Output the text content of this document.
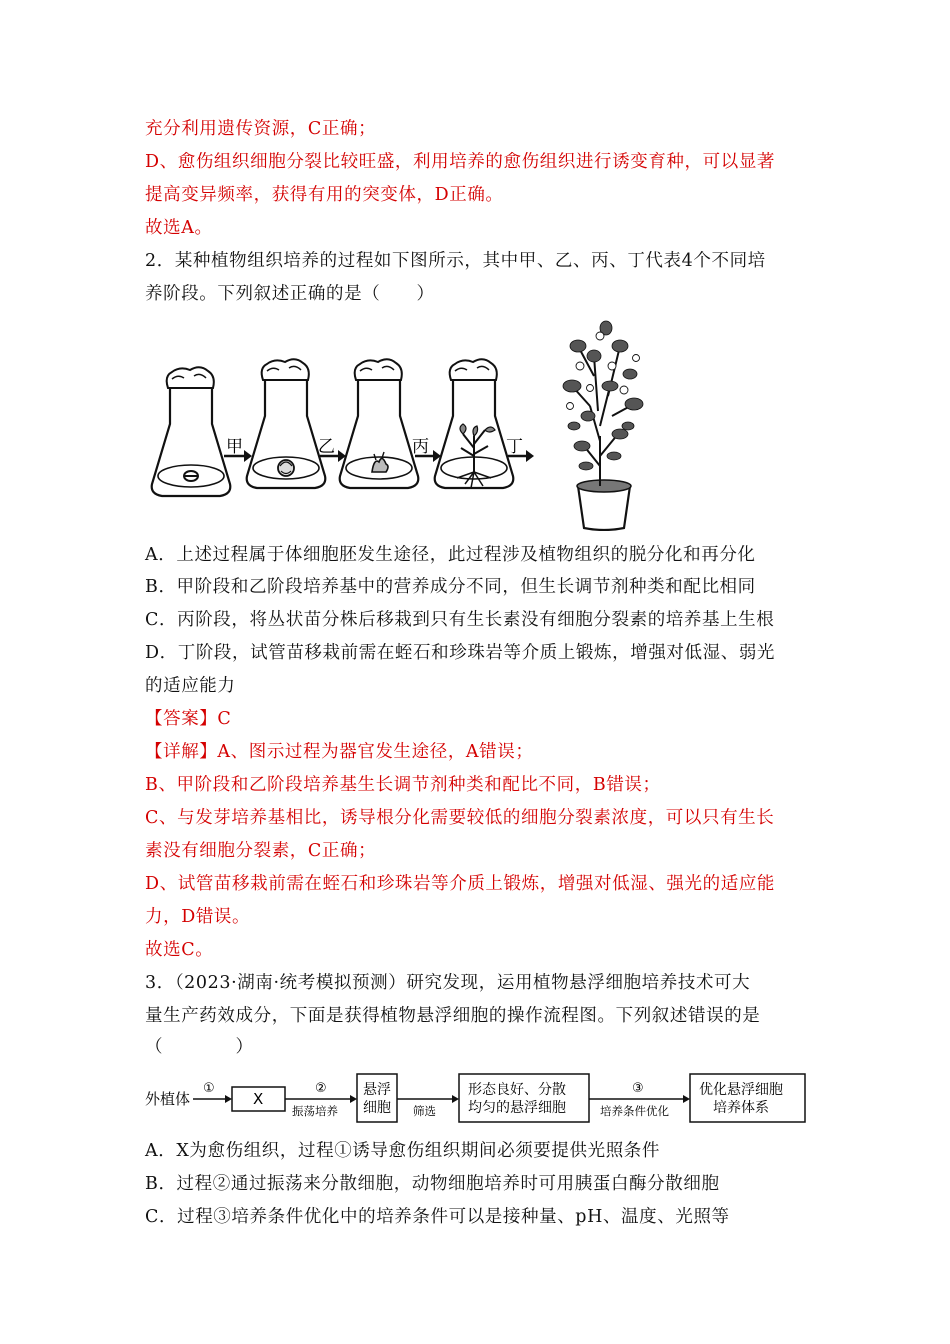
充分利用遗传资源，C正确；
D、愈伤组织细胞分裂比较旺盛，利用培养的愈伤组织进行诱变育种，可以显著
提高变异频率，获得有用的突变体，D正确。
故选A。
2．某种植物组织培养的过程如下图所示，其中甲、乙、丙、丁代表4个不同培
养阶段。下列叙述正确的是（　　）
甲	乙	丙	丁
A．上述过程属于体细胞胚发生途径，此过程涉及植物组织的脱分化和再分化
B．甲阶段和乙阶段培养基中的营养成分不同，但生长调节剂种类和配比相同
C．丙阶段，将丛状苗分株后移栽到只有生长素没有细胞分裂素的培养基上生根
D．丁阶段，试管苗移栽前需在蛭石和珍珠岩等介质上锻炼，增强对低湿、弱光
的适应能力
【答案】C
【详解】A、图示过程为器官发生途径，A错误；
B、甲阶段和乙阶段培养基生长调节剂种类和配比不同，B错误；
C、与发芽培养基相比，诱导根分化需要较低的细胞分裂素浓度，可以只有生长
素没有细胞分裂素，C正确；
D、试管苗移栽前需在蛭石和珍珠岩等介质上锻炼，增强对低湿、强光的适应能
力，D错误。
故选C。
3．（2023·湖南·统考模拟预测）研究发现，运用植物悬浮细胞培养技术可大
量生产药效成分，下面是获得植物悬浮细胞的操作流程图。下列叙述错误的是
（　　　　）
外植体
①
X
②
振荡培养
悬浮
细胞 筛选
形态良好、分散
均匀的悬浮细胞
③
培养条件优化
优化悬浮细胞
培养体系
A．X为愈伤组织，过程①诱导愈伤组织期间必须要提供光照条件
B．过程②通过振荡来分散细胞，动物细胞培养时可用胰蛋白酶分散细胞
C．过程③培养条件优化中的培养条件可以是接种量、pH、温度、光照等
